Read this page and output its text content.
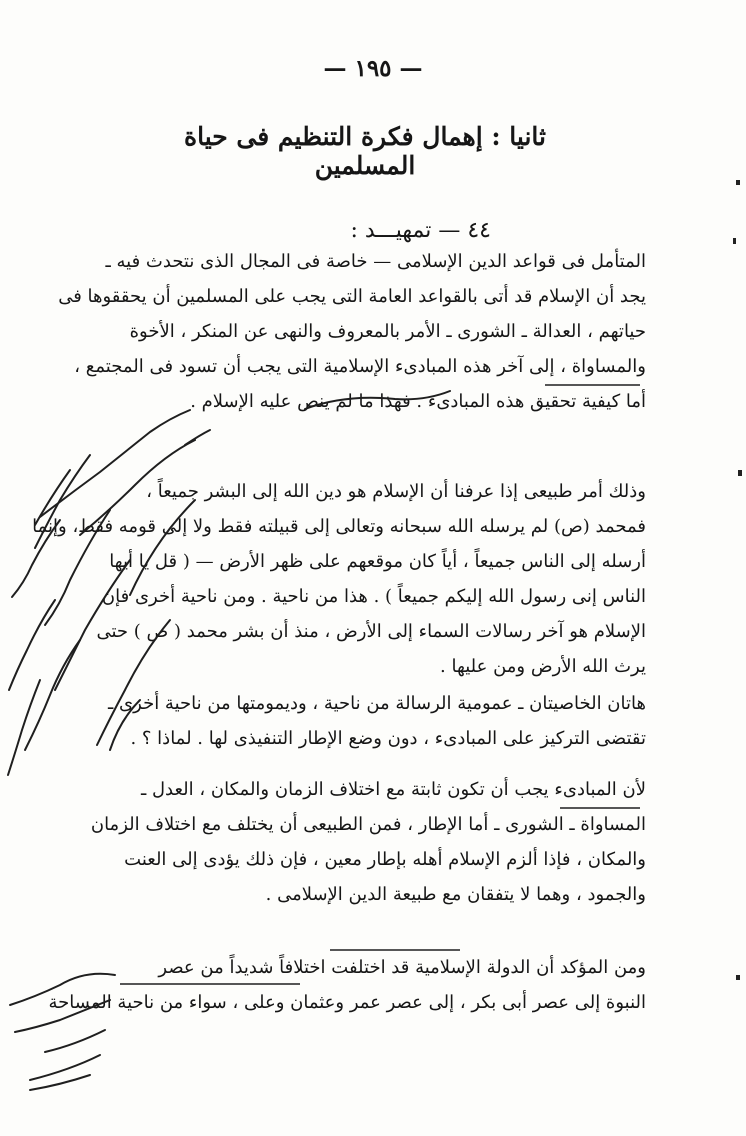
— ١٩٥ —
ثانيا : إهمال فكرة التنظيم فى حياة المسلمين
٤٤ — تمهيـــد :
المتأمل فى قواعد الدين الإسلامى — خاصة فى المجال الذى نتحدث فيه ـ
يجد أن الإسلام قد أتى بالقواعد العامة التى يجب على المسلمين أن يحققوها فى
حياتهم ، العدالة ـ الشورى ـ الأمر بالمعروف والنهى عن المنكر ، الأخوة
والمساواة ، إلى آخر هذه المبادىء الإسلامية التى يجب أن تسود فى المجتمع ،
أما كيفية تحقيق هذه المبادىء . فهذا ما لم ينص عليه الإسلام .
وذلك أمر طبيعى إذا عرفنا أن الإسلام هو دين الله إلى البشر جميعاً ،
فمحمد (ص) لم يرسله الله سبحانه وتعالى إلى قبيلته فقط ولا إلى قومه فقط، وإنما
أرسله إلى الناس جميعاً ، أياً كان موقعهم على ظهر الأرض — ( قل يا أيها
الناس إنى رسول الله إليكم جميعاً ) . هذا من ناحية . ومن ناحية أخرى فإن
الإسلام هو آخر رسالات السماء إلى الأرض ، منذ أن بشر محمد ( ص ) حتى
يرث الله الأرض ومن عليها .
هاتان الخاصيتان ـ عمومية الرسالة من ناحية ، وديمومتها من ناحية أخرى ـ
تقتضى التركيز على المبادىء ، دون وضع الإطار التنفيذى لها . لماذا ؟ .
لأن المبادىء يجب أن تكون ثابتة مع اختلاف الزمان والمكان ، العدل ـ
المساواة ـ الشورى ـ أما الإطار ، فمن الطبيعى أن يختلف مع اختلاف الزمان
والمكان ، فإذا ألزم الإسلام أهله بإطار معين ، فإن ذلك يؤدى إلى العنت
والجمود ، وهما لا يتفقان مع طبيعة الدين الإسلامى .
ومن المؤكد أن الدولة الإسلامية قد اختلفت اختلافاً شديداً من عصر
النبوة إلى عصر أبى بكر ، إلى عصر عمر وعثمان وعلى ، سواء من ناحية المساحة
